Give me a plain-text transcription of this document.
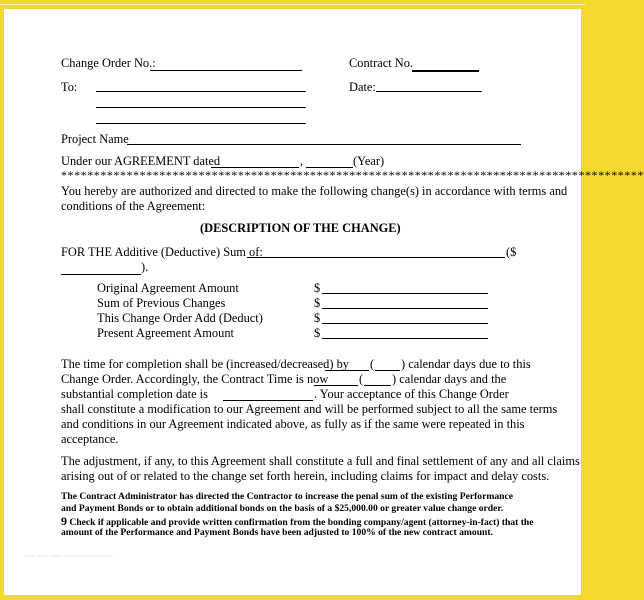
Change Order No.:	Contract No.
To:	Date:
Project Name
Under our AGREEMENT dated	,	(Year)
*****************************************************************************************
You hereby are authorized and directed to make the following change(s) in accordance with terms and
conditions of the Agreement:
(DESCRIPTION OF THE CHANGE)
FOR THE Additive (Deductive) Sum of:	($
).
Original Agreement Amount	$
Sum of Previous Changes	$
This Change Order Add (Deduct)	$
Present Agreement Amount	$
The time for completion shall be (increased/decreased) by ( ) calendar days due to this
Change Order. Accordingly, the Contract Time is now ( ) calendar days and the
substantial completion date is	. Your acceptance of this Change Order
shall constitute a modification to our Agreement and will be performed subject to all the same terms
and conditions in our Agreement indicated above, as fully as if the same were repeated in this
acceptance.
The adjustment, if any, to this Agreement shall constitute a full and final settlement of any and all claims
arising out of or related to the change set forth herein, including claims for impact and delay costs.
The Contract Administrator has directed the Contractor to increase the penal sum of the existing Performance
and Payment Bonds or to obtain additional bonds on the basis of a $25,000.00 or greater value change order.
9 Check if applicable and provide written confirmation from the bonding company/agent (attorney-in-fact) that the
amount of the Performance and Payment Bonds have been adjusted to 100% of the new contract amount.
———————
